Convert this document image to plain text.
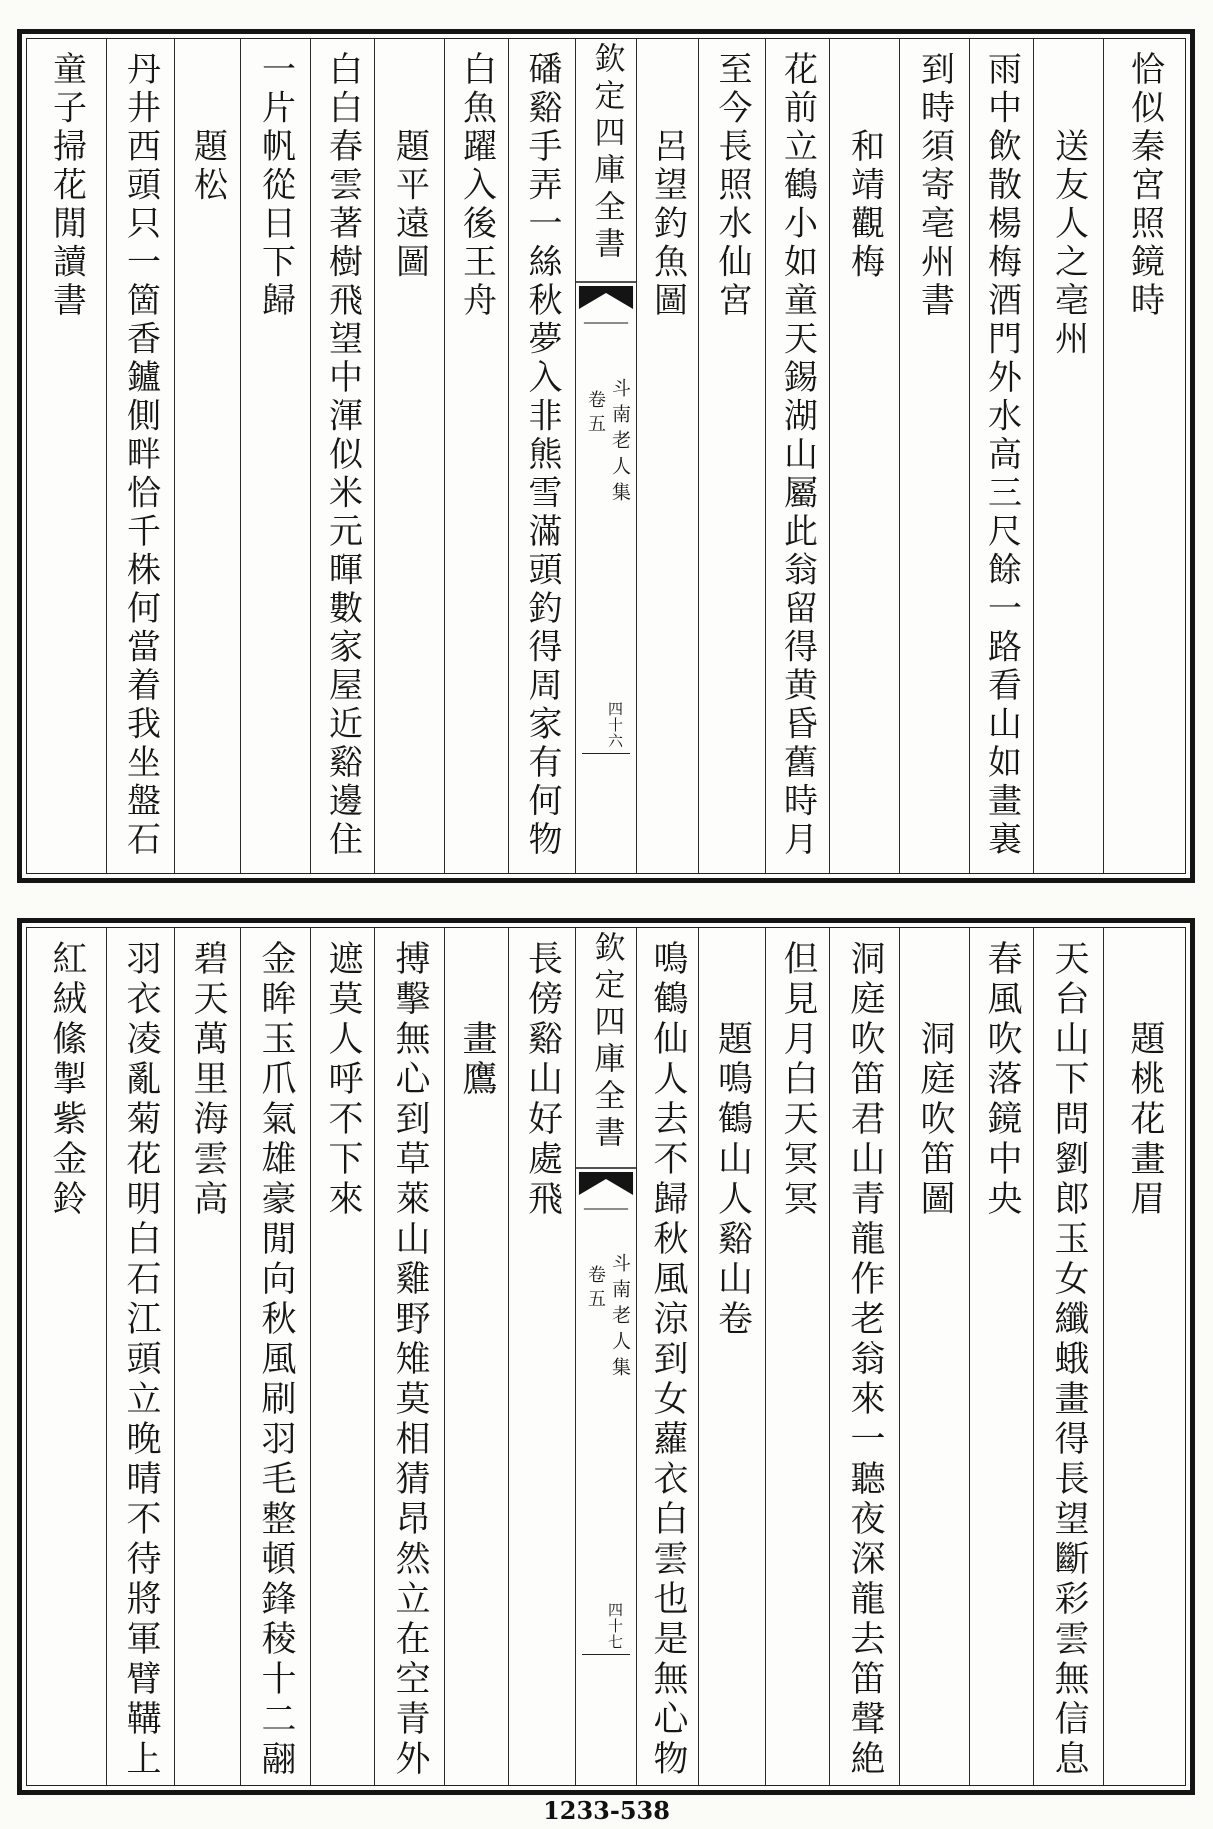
恰似秦宮照鏡時
送友人之亳州
雨中飲散楊梅酒門外水高三尺餘一路看山如畫裏
到時須寄亳州書
和靖觀梅
花前立鶴小如童天錫湖山屬此翁留得黄昏舊時月
至今長照水仙宮
呂望釣魚圖
欽定四庫全書
斗南老人集
卷五
四十六
磻谿手弄一絲秋夢入非熊雪滿頭釣得周家有何物
白魚躍入後王舟
題平遠圖
白白春雲著樹飛望中渾似米元暉數家屋近谿邊住
一片帆從日下歸
題松
丹井西頭只一箇香鑪側畔恰千株何當着我坐盤石
童子掃花閒讀書
題桃花畫眉
天台山下問劉郎玉女纖蛾畫得長望斷彩雲無信息
春風吹落鏡中央
洞庭吹笛圖
洞庭吹笛君山青龍作老翁來一聽夜深龍去笛聲絶
但見月白天冥冥
題鳴鶴山人谿山卷
鳴鶴仙人去不歸秋風涼到女蘿衣白雲也是無心物
欽定四庫全書
斗南老人集
卷五
四十七
長傍谿山好處飛
畫鷹
搏擊無心到草萊山雞野雉莫相猜昂然立在空青外
遮莫人呼不下來
金眸玉爪氣雄豪閒向秋風刷羽毛整頓鋒稜十二翮
碧天萬里海雲高
羽衣凌亂菊花明白石江頭立晚晴不待將軍臂鞲上
紅絨絛掣紫金鈴
1233-538
